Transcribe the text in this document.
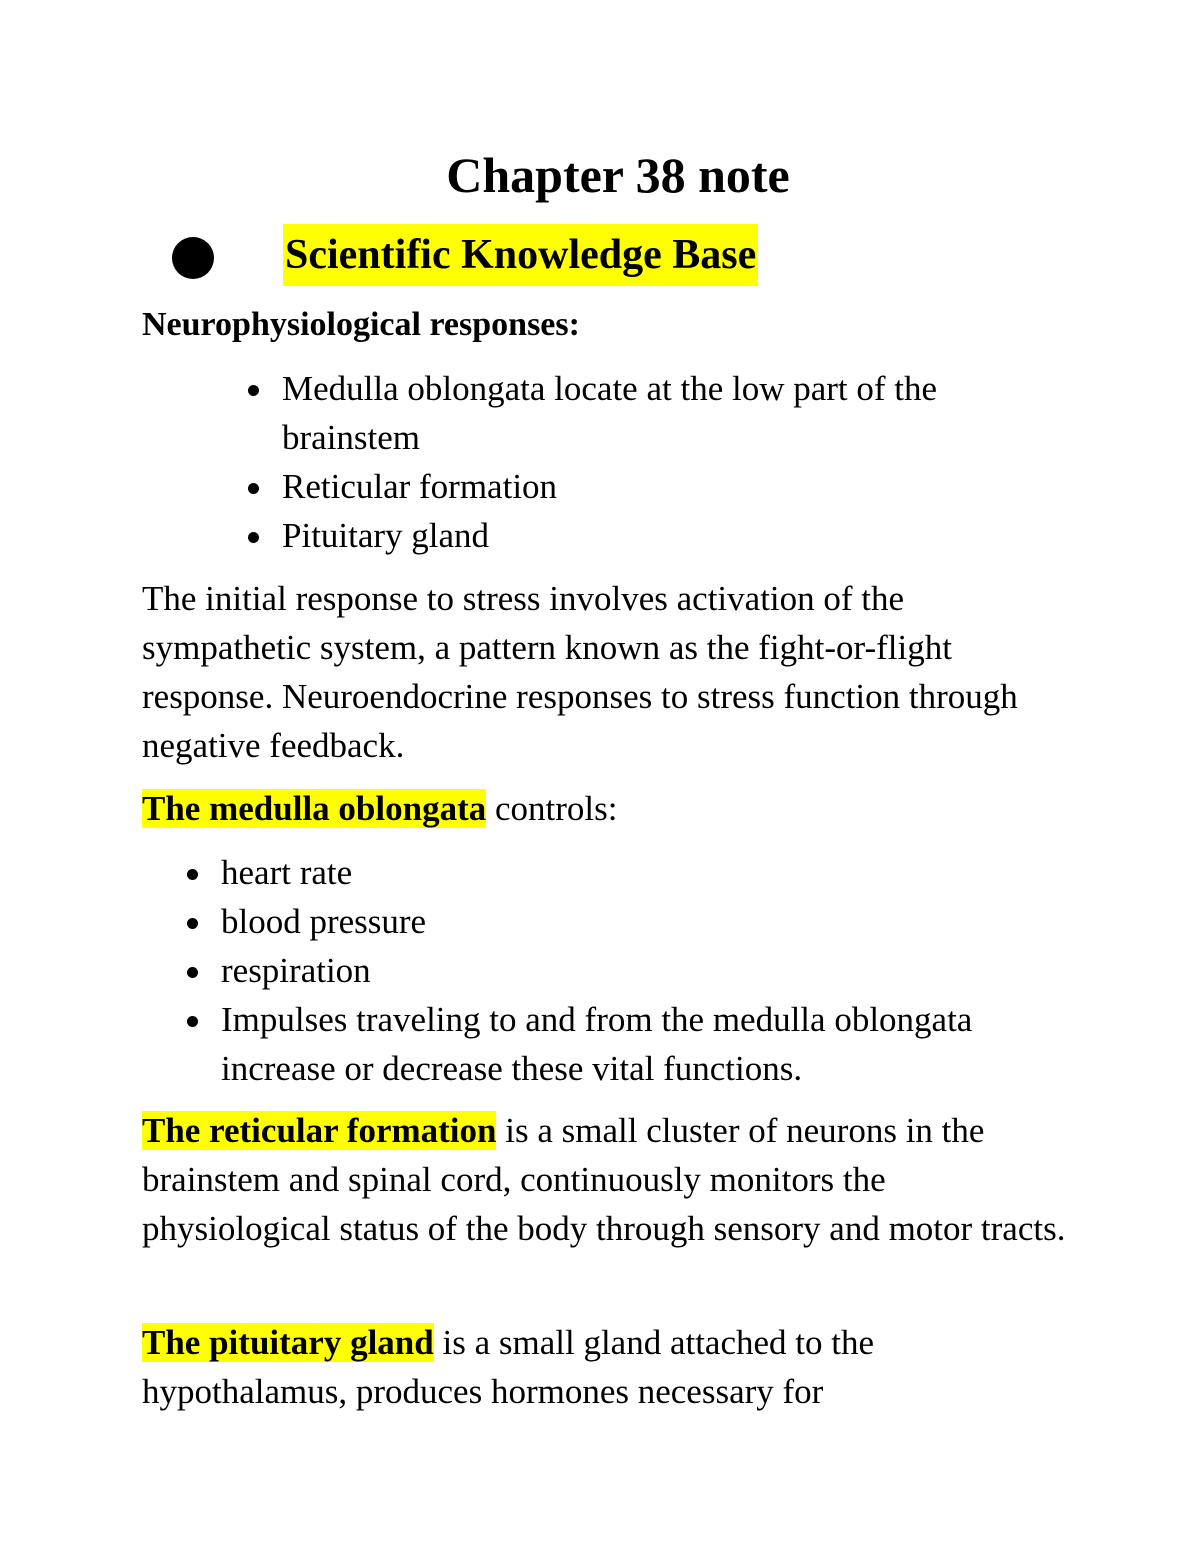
Chapter 38 note
Scientific Knowledge Base
Neurophysiological responses:
Medulla oblongata locate at the low part of the brainstem
Reticular formation
Pituitary gland

The initial response to stress involves activation of the sympathetic system, a pattern known as the fight-or-flight response. Neuroendocrine responses to stress function through negative feedback.

The medulla oblongata controls:

heart rate
blood pressure
respiration
Impulses traveling to and from the medulla oblongata increase or decrease these vital functions.

The reticular formation is a small cluster of neurons in the brainstem and spinal cord, continuously monitors the physiological status of the body through sensory and motor tracts.

The pituitary gland is a small gland attached to the hypothalamus, produces hormones necessary for
